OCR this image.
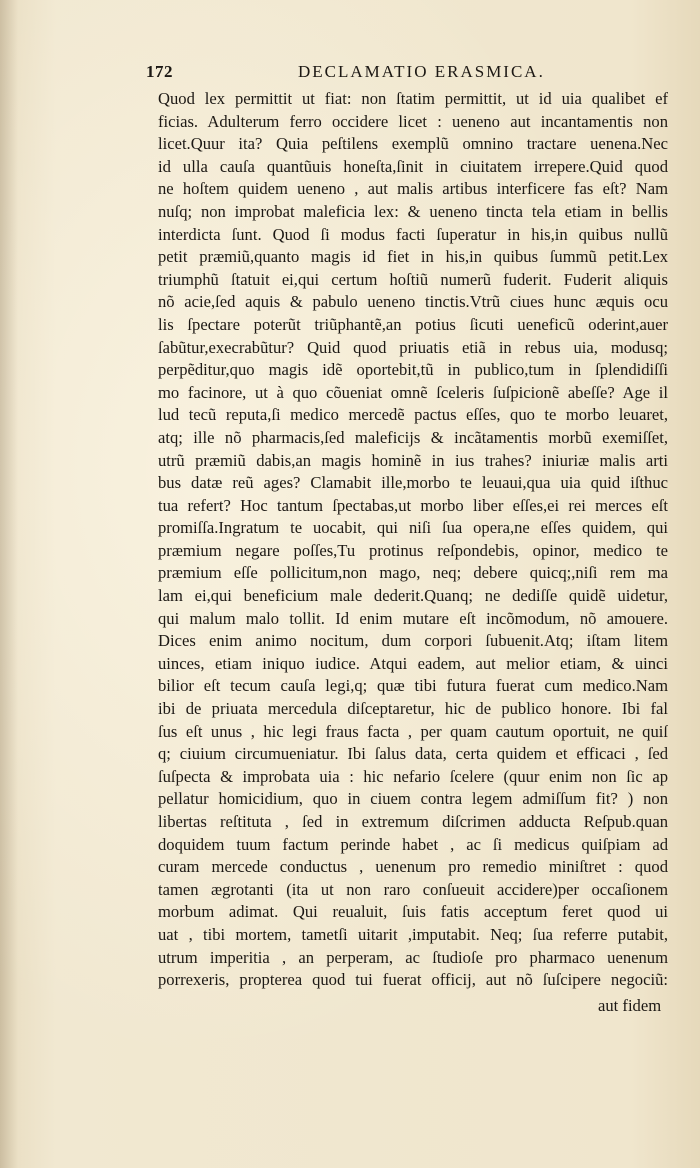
172	DECLAMATIO ERASMICA.
Quod lex permittit ut fiat: non ſtatim permittit, ut id uia qualibet ef
ficias. Adulterum ferro occidere licet : ueneno aut incantamentis non
licet.Quur ita? Quia peſtilens exemplũ omnino tractare uenena.Nec
id ulla cauſa quantũuis honeſta,ſinit in ciuitatem irrepere.Quid quod
ne hoſtem quidem ueneno , aut malis artibus interficere fas eſt? Nam
nuſq; non improbat maleficia lex: & ueneno tincta tela etiam in bellis
interdicta ſunt. Quod ſi modus facti ſuperatur in his,in quibus nullũ
petit præmiũ,quanto magis id fiet in his,in quibus ſummũ petit.Lex
triumphũ ſtatuit ei,qui certum hoſtiũ numerũ fuderit. Fuderit aliquis
nõ acie,ſed aquis & pabulo ueneno tinctis.Vtrũ ciues hunc æquis ocu
lis ſpectare poterũt triũphantẽ,an potius ſicuti ueneficũ oderint,auer
ſabũtur,execrabũtur? Quid quod priuatis etiã in rebus uia, modusq;
perpẽditur,quo magis idẽ oportebit,tũ in publico,tum in ſplendidiſſi
mo facinore, ut à quo cõueniat omnẽ ſceleris ſuſpicionẽ abeſſe? Age il
lud tecũ reputa,ſi medico mercedẽ pactus eſſes, quo te morbo leuaret,
atq; ille nõ pharmacis,ſed maleficijs & incãtamentis morbũ exemiſſet,
utrũ præmiũ dabis,an magis hominẽ in ius trahes? iniuriæ malis arti
bus datæ reũ ages? Clamabit ille,morbo te leuaui,qua uia quid iſthuc
tua refert? Hoc tantum ſpectabas,ut morbo liber eſſes,ei rei merces eſt
promiſſa.Ingratum te uocabit, qui niſi ſua opera,ne eſſes quidem, qui
præmium negare poſſes,Tu protinus reſpondebis, opinor, medico te
præmium eſſe pollicitum,non mago, neq; debere quicq;,niſi rem ma
lam ei,qui beneficium male dederit.Quanq; ne dediſſe quidẽ uidetur,
qui malum malo tollit. Id enim mutare eſt incõmodum, nõ amouere.
Dices enim animo nocitum, dum corpori ſubuenit.Atq; iſtam litem
uinces, etiam iniquo iudice. Atqui eadem, aut melior etiam, & uinci
bilior eſt tecum cauſa legi,q; quæ tibi futura fuerat cum medico.Nam
ibi de priuata mercedula diſceptaretur, hic de publico honore. Ibi fal
ſus eſt unus , hic legi fraus facta , per quam cautum oportuit, ne quiſ
q; ciuium circumueniatur. Ibi ſalus data, certa quidem et efficaci , ſed
ſuſpecta & improbata uia : hic nefario ſcelere (quur enim non ſic ap
pellatur homicidium, quo in ciuem contra legem admiſſum fit? ) non
libertas reſtituta , ſed in extremum diſcrimen adducta Reſpub.quan
doquidem tuum factum perinde habet , ac ſi medicus quiſpiam ad
curam mercede conductus , uenenum pro remedio miniſtret : quod
tamen ægrotanti (ita ut non raro conſueuit accidere)per occaſionem
morbum adimat. Qui reualuit, ſuis fatis acceptum feret quod ui
uat , tibi mortem, tametſi uitarit ,imputabit. Neq; ſua referre putabit,
utrum imperitia , an perperam, ac ſtudioſe pro pharmaco uenenum
porrexeris, propterea quod tui fuerat officij, aut nõ ſuſcipere negociũ:
aut fidem
